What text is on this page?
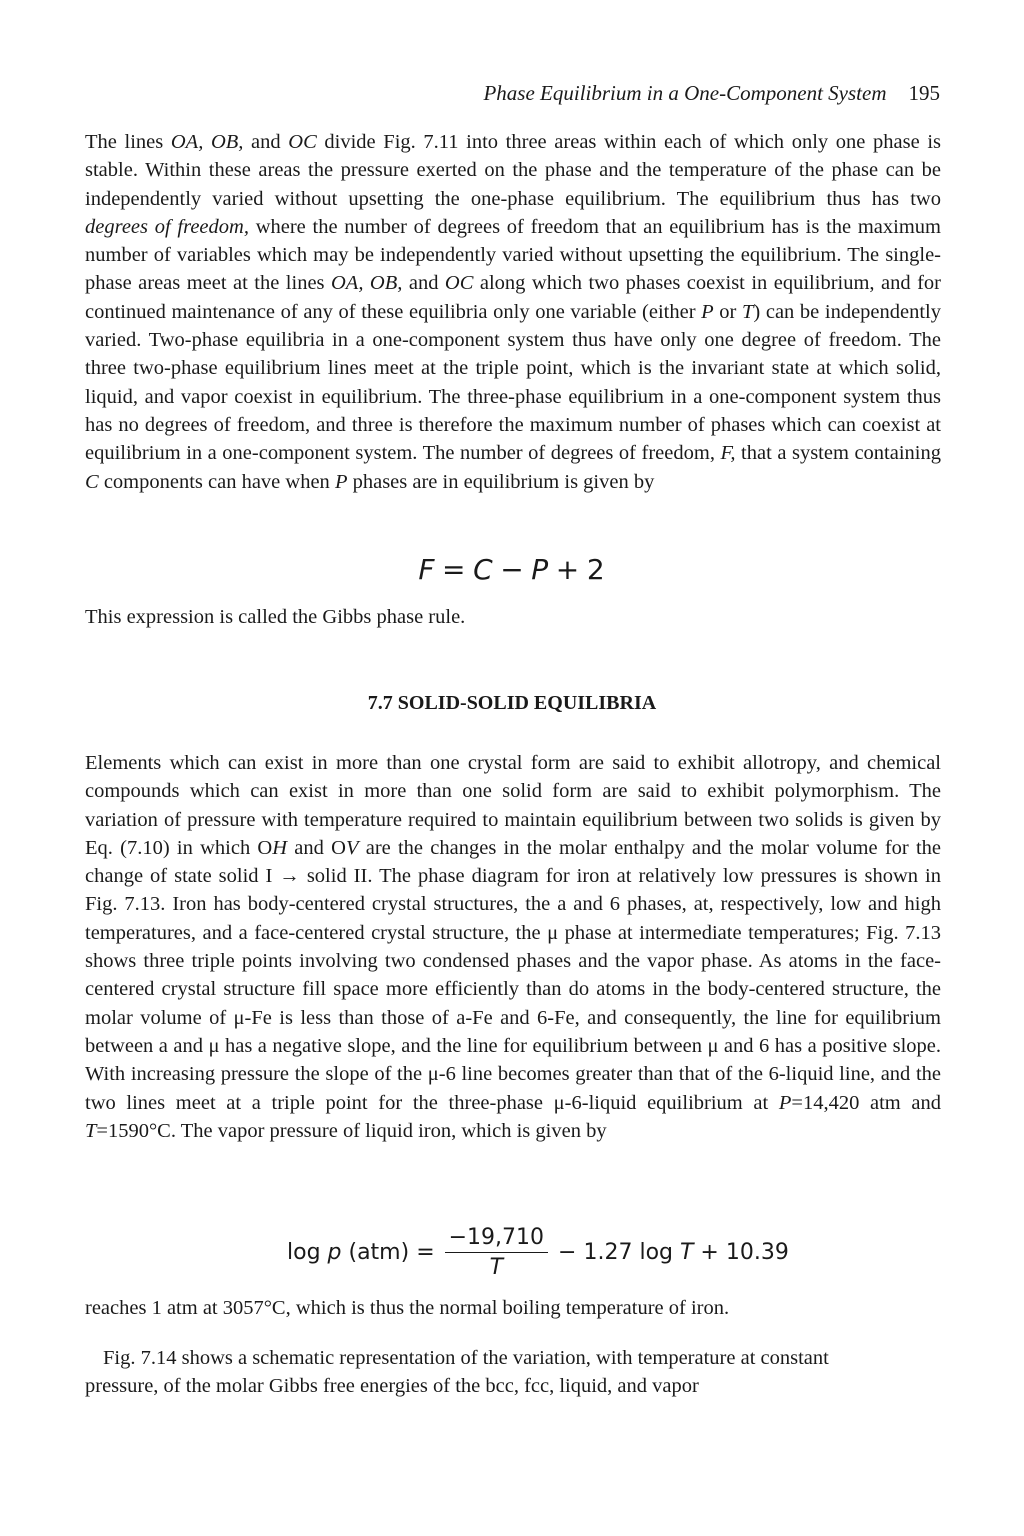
Phase Equilibrium in a One-Component System 195

The lines OA, OB, and OC divide Fig. 7.11 into three areas within each of which only one phase is stable. Within these areas the pressure exerted on the phase and the temperature of the phase can be independently varied without upsetting the one-phase equilibrium. The equilibrium thus has two degrees of freedom, where the number of degrees of freedom that an equilibrium has is the maximum number of variables which may be independently varied without upsetting the equilibrium. The single-phase areas meet at the lines OA, OB, and OC along which two phases coexist in equilibrium, and for continued maintenance of any of these equilibria only one variable (either P or T) can be independently varied. Two-phase equilibria in a one-component system thus have only one degree of freedom. The three two-phase equilibrium lines meet at the triple point, which is the invariant state at which solid, liquid, and vapor coexist in equilibrium. The three-phase equilibrium in a one-component system thus has no degrees of freedom, and three is therefore the maximum number of phases which can coexist at equilibrium in a one-component system. The number of degrees of freedom, F, that a system containing C components can have when P phases are in equilibrium is given by

F  =  C  −  P  +  2

This expression is called the Gibbs phase rule.

7.7 SOLID-SOLID EQUILIBRIA

Elements which can exist in more than one crystal form are said to exhibit allotropy, and chemical compounds which can exist in more than one solid form are said to exhibit polymorphism. The variation of pressure with temperature required to maintain equilibrium between two solids is given by Eq. (7.10) in which OH and OV are the changes in the molar enthalpy and the molar volume for the change of state solid I → solid II. The phase diagram for iron at relatively low pressures is shown in Fig. 7.13. Iron has body-centered crystal structures, the a and 6 phases, at, respectively, low and high temperatures, and a face-centered crystal structure, the μ phase at intermediate temperatures; Fig. 7.13 shows three triple points involving two condensed phases and the vapor phase. As atoms in the face-centered crystal structure fill space more efficiently than do atoms in the body-centered structure, the molar volume of μ-Fe is less than those of a-Fe and 6-Fe, and consequently, the line for equilibrium between a and μ has a negative slope, and the line for equilibrium between μ and 6 has a positive slope. With increasing pressure the slope of the μ-6 line becomes greater than that of the 6-liquid line, and the two lines meet at a triple point for the three-phase μ-6-liquid equilibrium at P=14,420 atm and T=1590°C. The vapor pressure of liquid iron, which is given by

log p $(atm) = \frac{-19,710}{T} - 1.27$ log T + 10.39

reaches 1 atm at 3057°C, which is thus the normal boiling temperature of iron.

Fig. 7.14 shows a schematic representation of the variation, with temperature at constant pressure, of the molar Gibbs free energies of the bcc, fcc, liquid, and vapor
